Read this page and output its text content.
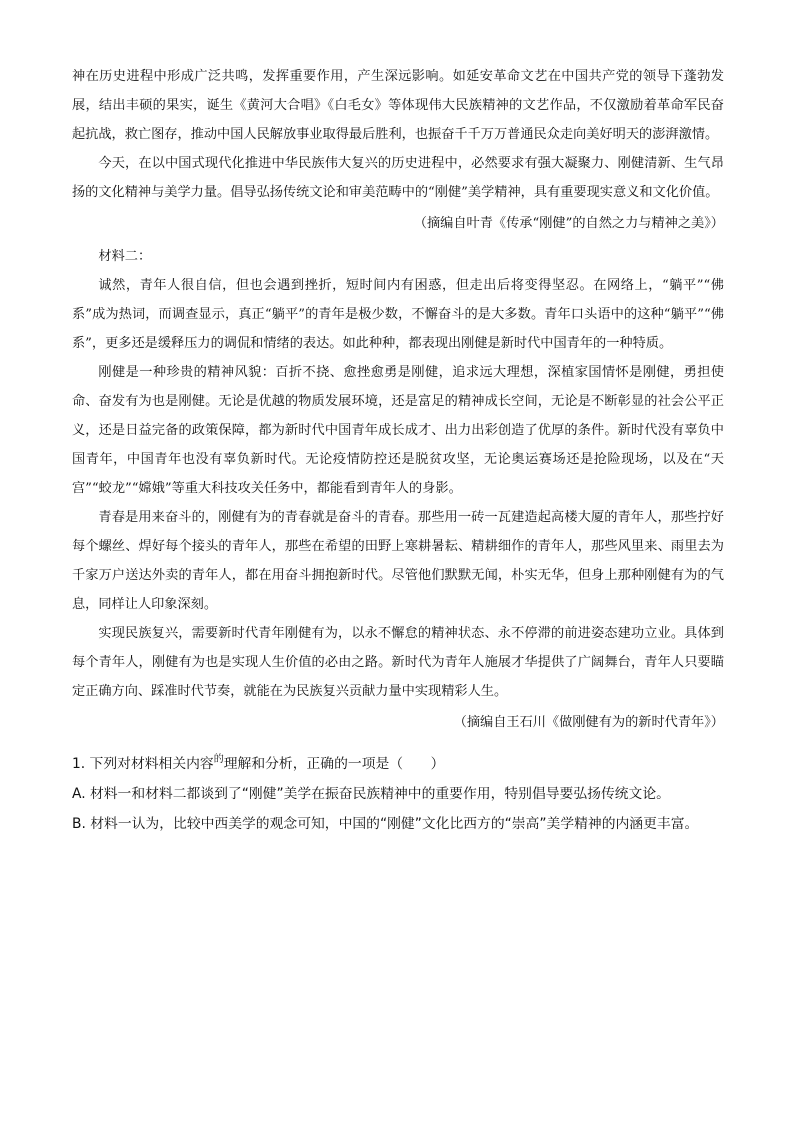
神在历史进程中形成广泛共鸣，发挥重要作用，产生深远影响。如延安革命文艺在中国共产党的领导下蓬勃发展，结出丰硕的果实，诞生《黄河大合唱》《白毛女》等体现伟大民族精神的文艺作品，不仅激励着革命军民奋起抗战，救亡图存，推动中国人民解放事业取得最后胜利，也振奋千千万万普通民众走向美好明天的澎湃激情。

今天，在以中国式现代化推进中华民族伟大复兴的历史进程中，必然要求有强大凝聚力、刚健清新、生气昂扬的文化精神与美学力量。倡导弘扬传统文论和审美范畴中的“刚健”美学精神，具有重要现实意义和文化价值。

（摘编自叶青《传承“刚健”的自然之力与精神之美》）

材料二：

诚然，青年人很自信，但也会遇到挫折，短时间内有困惑，但走出后将变得坚忍。在网络上，“躺平”“佛系”成为热词，而调查显示，真正“躺平”的青年是极少数，不懈奋斗的是大多数。青年口头语中的这种“躺平”“佛系”，更多还是缓释压力的调侃和情绪的表达。如此种种，都表现出刚健是新时代中国青年的一种特质。

刚健是一种珍贵的精神风貌：百折不挠、愈挫愈勇是刚健，追求远大理想，深植家国情怀是刚健，勇担使命、奋发有为也是刚健。无论是优越的物质发展环境，还是富足的精神成长空间，无论是不断彰显的社会公平正义，还是日益完备的政策保障，都为新时代中国青年成长成才、出力出彩创造了优厚的条件。新时代没有辜负中国青年，中国青年也没有辜负新时代。无论疫情防控还是脱贫攻坚，无论奥运赛场还是抢险现场，以及在“天宫”“蛟龙”“嫦娥”等重大科技攻关任务中，都能看到青年人的身影。

青春是用来奋斗的，刚健有为的青春就是奋斗的青春。那些用一砖一瓦建造起高楼大厦的青年人，那些拧好每个螺丝、焊好每个接头的青年人，那些在希望的田野上寒耕暑耘、精耕细作的青年人，那些风里来、雨里去为千家万户送达外卖的青年人，都在用奋斗拥抱新时代。尽管他们默默无闻，朴实无华，但身上那种刚健有为的气息，同样让人印象深刻。

实现民族复兴，需要新时代青年刚健有为，以永不懈怠的精神状态、永不停滞的前进姿态建功立业。具体到每个青年人，刚健有为也是实现人生价值的必由之路。新时代为青年人施展才华提供了广阔舞台，青年人只要瞄定正确方向、踩准时代节奏，就能在为民族复兴贡献力量中实现精彩人生。

（摘编自王石川《做刚健有为的新时代青年》）

1. 下列对材料相关内容$^的$理解和分析，正确的一项是（　　）

A. 材料一和材料二都谈到了“刚健”美学在振奋民族精神中的重要作用，特别倡导要弘扬传统文论。

B. 材料一认为，比较中西美学的观念可知，中国的“刚健”文化比西方的“崇高”美学精神的内涵更丰富。
